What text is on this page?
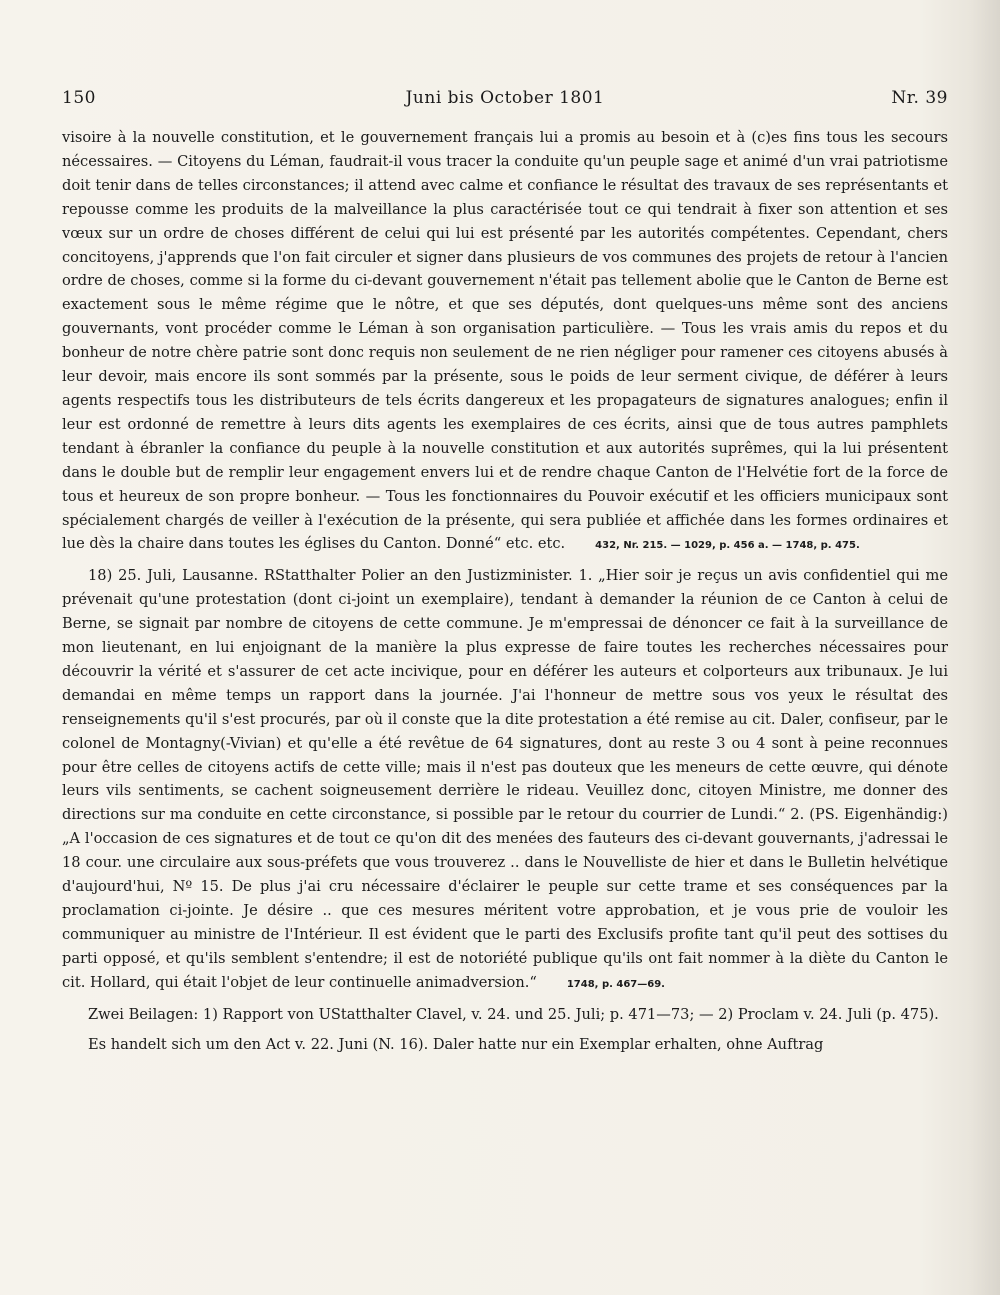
150	Juni bis October 1801	Nr. 39

visoire à la nouvelle constitution, et le gouvernement français lui a promis au besoin et à (c)es fins tous les secours nécessaires. — Citoyens du Léman, faudrait-il vous tracer la conduite qu'un peuple sage et animé d'un vrai patriotisme doit tenir dans de telles circonstances; il attend avec calme et confiance le résultat des travaux de ses représentants et repousse comme les produits de la malveillance la plus caractérisée tout ce qui tendrait à fixer son attention et ses vœux sur un ordre de choses différent de celui qui lui est présenté par les autorités compétentes. Cependant, chers concitoyens, j'apprends que l'on fait circuler et signer dans plusieurs de vos communes des projets de retour à l'ancien ordre de choses, comme si la forme du ci-devant gouvernement n'était pas tellement abolie que le Canton de Berne est exactement sous le même régime que le nôtre, et que ses députés, dont quelques-uns même sont des anciens gouvernants, vont procéder comme le Léman à son organisation particulière. — Tous les vrais amis du repos et du bonheur de notre chère patrie sont donc requis non seulement de ne rien négliger pour ramener ces citoyens abusés à leur devoir, mais encore ils sont sommés par la présente, sous le poids de leur serment civique, de déférer à leurs agents respectifs tous les distributeurs de tels écrits dangereux et les propagateurs de signatures analogues; enfin il leur est ordonné de remettre à leurs dits agents les exemplaires de ces écrits, ainsi que de tous autres pamphlets tendant à ébranler la confiance du peuple à la nouvelle constitution et aux autorités suprêmes, qui la lui présentent dans le double but de remplir leur engagement envers lui et de rendre chaque Canton de l'Helvétie fort de la force de tous et heureux de son propre bonheur. — Tous les fonctionnaires du Pouvoir exécutif et les officiers municipaux sont spécialement chargés de veiller à l'exécution de la présente, qui sera publiée et affichée dans les formes ordinaires et lue dès la chaire dans toutes les églises du Canton. Donné“ etc. etc.	432, Nr. 215. — 1029, p. 456 a. — 1748, p. 475.

18) 25. Juli, Lausanne. RStatthalter Polier an den Justizminister. 1. „Hier soir je reçus un avis confidentiel qui me prévenait qu'une protestation (dont ci-joint un exemplaire), tendant à demander la réunion de ce Canton à celui de Berne, se signait par nombre de citoyens de cette commune. Je m'empressai de dénoncer ce fait à la surveillance de mon lieutenant, en lui enjoignant de la manière la plus expresse de faire toutes les recherches nécessaires pour découvrir la vérité et s'assurer de cet acte incivique, pour en déférer les auteurs et colporteurs aux tribunaux. Je lui demandai en même temps un rapport dans la journée. J'ai l'honneur de mettre sous vos yeux le résultat des renseignements qu'il s'est procurés, par où il conste que la dite protestation a été remise au cit. Daler, confiseur, par le colonel de Montagny(-Vivian) et qu'elle a été revêtue de 64 signatures, dont au reste 3 ou 4 sont à peine reconnues pour être celles de citoyens actifs de cette ville; mais il n'est pas douteux que les meneurs de cette œuvre, qui dénote leurs vils sentiments, se cachent soigneusement derrière le rideau. Veuillez donc, citoyen Ministre, me donner des directions sur ma conduite en cette circonstance, si possible par le retour du courrier de Lundi.“ 2. (PS. Eigenhändig:) „A l'occasion de ces signatures et de tout ce qu'on dit des menées des fauteurs des ci-devant gouvernants, j'adressai le 18 cour. une circulaire aux sous-préfets que vous trouverez .. dans le Nouvelliste de hier et dans le Bulletin helvétique d'aujourd'hui, Nº 15. De plus j'ai cru nécessaire d'éclairer le peuple sur cette trame et ses conséquences par la proclamation ci-jointe. Je désire .. que ces mesures méritent votre approbation, et je vous prie de vouloir les communiquer au ministre de l'Intérieur. Il est évident que le parti des Exclusifs profite tant qu'il peut des sottises du parti opposé, et qu'ils semblent s'entendre; il est de notoriété publique qu'ils ont fait nommer à la diète du Canton le cit. Hollard, qui était l'objet de leur continuelle animadversion.“	1748, p. 467—69.

Zwei Beilagen: 1) Rapport von UStatthalter Clavel, v. 24. und 25. Juli; p. 471—73; — 2) Proclam v. 24. Juli (p. 475).

Es handelt sich um den Act v. 22. Juni (N. 16). Daler hatte nur ein Exemplar erhalten, ohne Auftrag
